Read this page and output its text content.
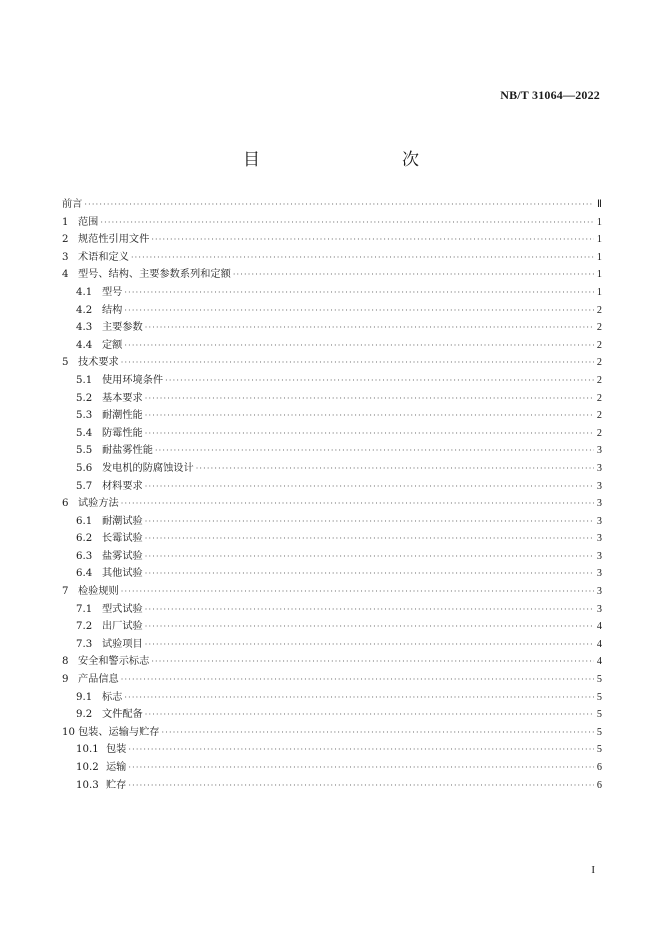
NB/T 31064—2022
目　　次
前言 ·····	Ⅱ
1 范围 ·····	1
2 规范性引用文件 ·····	1
3 术语和定义 ·····	1
4 型号、结构、主要参数系列和定额 ·····	1
4.1 型号 ·····	1
4.2 结构 ·····	2
4.3 主要参数 ·····	2
4.4 定额 ·····	2
5 技术要求 ·····	2
5.1 使用环境条件 ·····	2
5.2 基本要求 ·····	2
5.3 耐潮性能 ·····	2
5.4 防霉性能 ·····	2
5.5 耐盐雾性能 ·····	3
5.6 发电机的防腐蚀设计 ·····	3
5.7 材料要求 ·····	3
6 试验方法 ·····	3
6.1 耐潮试验 ·····	3
6.2 长霉试验 ·····	3
6.3 盐雾试验 ·····	3
6.4 其他试验 ·····	3
7 检验规则 ·····	3
7.1 型式试验 ·····	3
7.2 出厂试验 ·····	4
7.3 试验项目 ·····	4
8 安全和警示标志 ·····	4
9 产品信息 ·····	5
9.1 标志 ·····	5
9.2 文件配备 ·····	5
10 包装、运输与贮存 ·····	5
10.1 包装 ·····	5
10.2 运输 ·····	6
10.3 贮存 ·····	6
I
